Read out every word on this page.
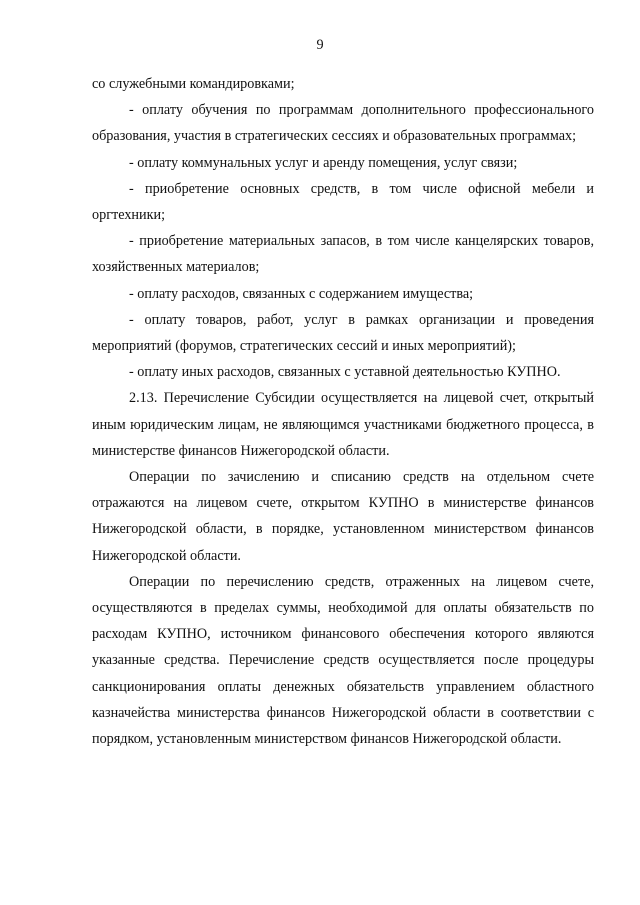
9

со служебными командировками;

- оплату обучения по программам дополнительного профессионального образования, участия в стратегических сессиях и образовательных программах;

- оплату коммунальных услуг и аренду помещения, услуг связи;

- приобретение основных средств, в том числе офисной мебели и оргтехники;

- приобретение материальных запасов, в том числе канцелярских товаров, хозяйственных материалов;

- оплату расходов, связанных с содержанием имущества;

- оплату товаров, работ, услуг в рамках организации и проведения мероприятий (форумов, стратегических сессий и иных мероприятий);

- оплату иных расходов, связанных с уставной деятельностью КУПНО.

2.13. Перечисление Субсидии осуществляется на лицевой счет, открытый иным юридическим лицам, не являющимся участниками бюджетного процесса, в министерстве финансов Нижегородской области.

Операции по зачислению и списанию средств на отдельном счете отражаются на лицевом счете, открытом КУПНО в министерстве финансов Нижегородской области, в порядке, установленном министерством финансов Нижегородской области.

Операции по перечислению средств, отраженных на лицевом счете, осуществляются в пределах суммы, необходимой для оплаты обязательств по расходам КУПНО, источником финансового обеспечения которого являются указанные средства. Перечисление средств осуществляется после процедуры санкционирования оплаты денежных обязательств управлением областного казначейства министерства финансов Нижегородской области в соответствии с порядком, установленным министерством финансов Нижегородской области.
